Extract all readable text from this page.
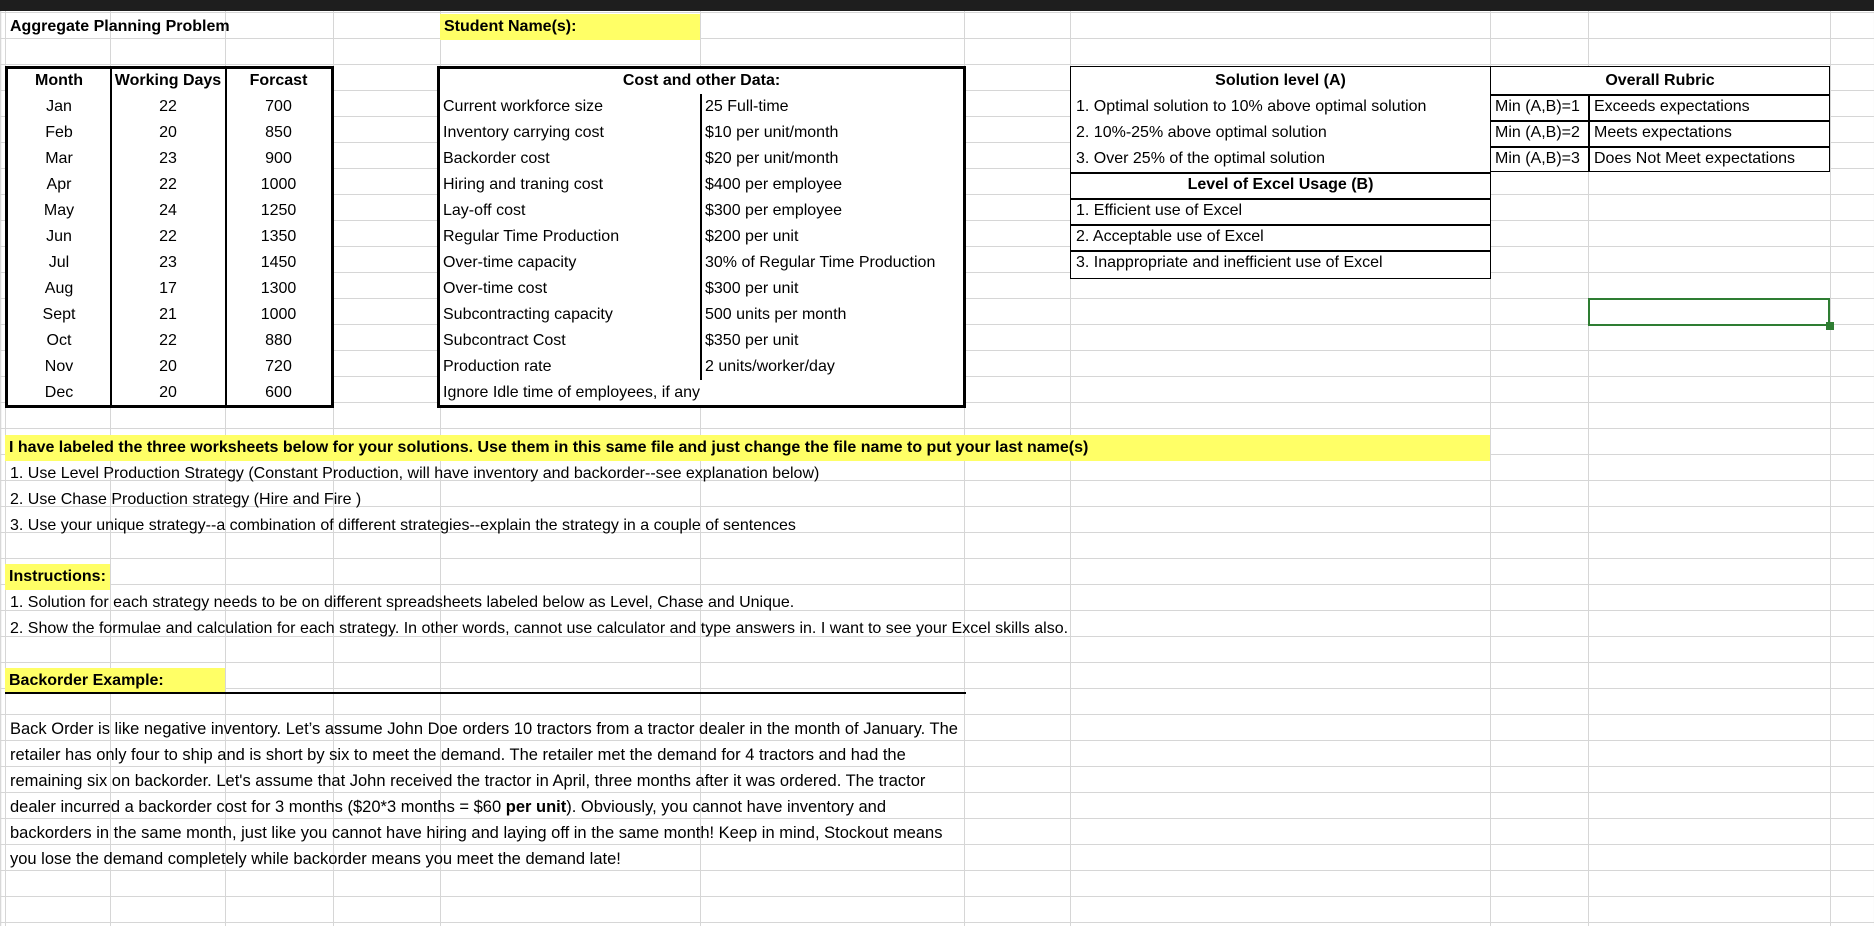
Aggregate Planning Problem	Student Name(s):
Month	Working Days	Forcast
Jan	22	700
Feb	20	850
Mar	23	900
Apr	22	1000
May	24	1250
Jun	22	1350
Jul	23	1450
Aug	17	1300
Sept	21	1000
Oct	22	880
Nov	20	720
Dec	20	600
Cost and other Data:
Current workforce size	25 Full-time
Inventory carrying cost	$10 per unit/month
Backorder cost	$20 per unit/month
Hiring and traning cost	$400 per employee
Lay-off cost	$300 per employee
Regular Time Production	$200 per unit
Over-time capacity	30% of Regular Time Production
Over-time cost	$300 per unit
Subcontracting capacity	500 units per month
Subcontract Cost	$350 per unit
Production rate	2 units/worker/day
Ignore Idle time of employees, if any
Solution level (A)
1. Optimal solution to 10% above optimal solution
2. 10%-25% above optimal solution
3. Over 25% of the optimal solution
Level of Excel Usage (B)
1. Efficient use of Excel
2. Acceptable use of Excel
3. Inappropriate and inefficient use of Excel
Overall Rubric
Min (A,B)=1 Exceeds expectations
Min (A,B)=2 Meets expectations
Min (A,B)=3 Does Not Meet expectations
I have labeled the three worksheets below for your solutions. Use them in this same file and just change the file name to put your last name(s)
1. Use Level Production Strategy (Constant Production, will have inventory and backorder--see explanation below)
2. Use Chase Production strategy (Hire and Fire )
3. Use your unique strategy--a combination of different strategies--explain the strategy in a couple of sentences
Instructions:
1. Solution for each strategy needs to be on different spreadsheets labeled below as Level, Chase and Unique.
2. Show the formulae and calculation for each strategy. In other words, cannot use calculator and type answers in. I want to see your Excel skills also.
Backorder Example:
Back Order is like negative inventory. Let’s assume John Doe orders 10 tractors from a tractor dealer in the month of January. The retailer has only four to ship and is short by six to meet the demand. The retailer met the demand for 4 tractors and had the remaining six on backorder. Let's assume that John received the tractor in April, three months after it was ordered. The tractor dealer incurred a backorder cost for 3 months ($20*3 months = $60 per unit). Obviously, you cannot have inventory and backorders in the same month, just like you cannot have hiring and laying off in the same month! Keep in mind, Stockout means you lose the demand completely while backorder means you meet the demand late!
